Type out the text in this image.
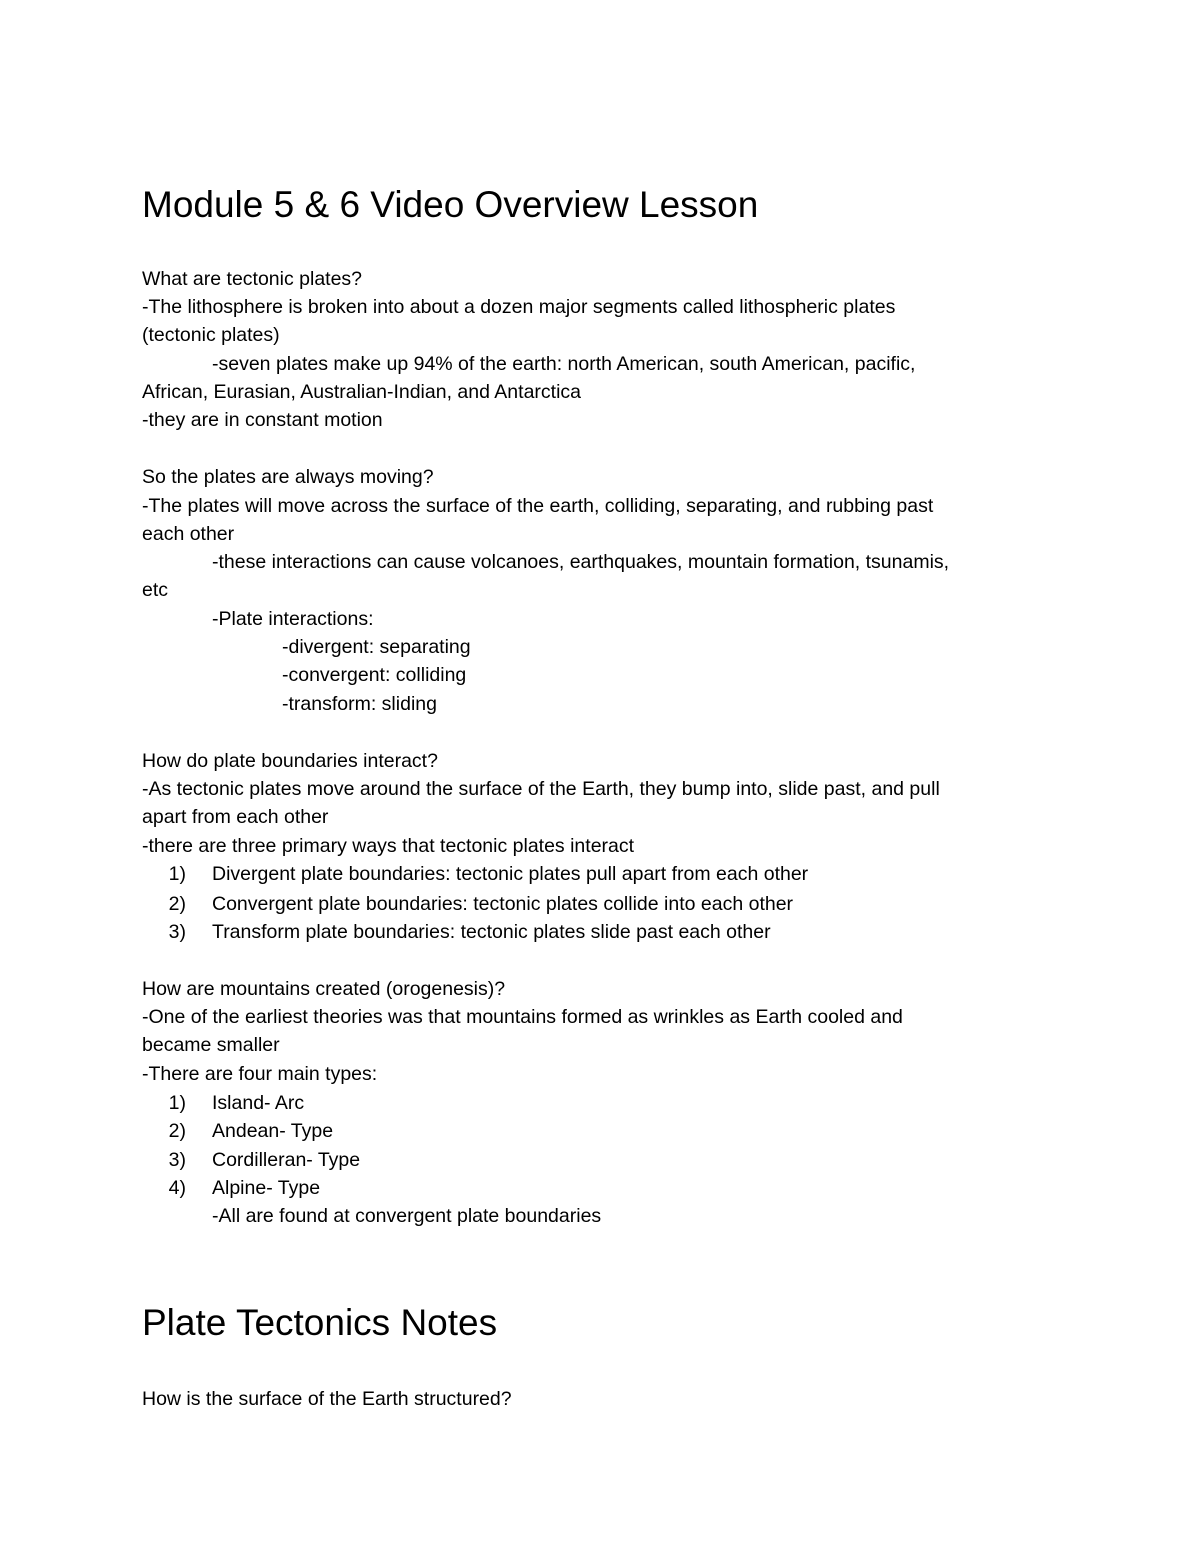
Module 5 & 6 Video Overview Lesson
What are tectonic plates?
-The lithosphere is broken into about a dozen major segments called lithospheric plates
(tectonic plates)
-seven plates make up 94% of the earth: north American, south American, pacific,
African, Eurasian, Australian-Indian, and Antarctica
-they are in constant motion
So the plates are always moving?
-The plates will move across the surface of the earth, colliding, separating, and rubbing past
each other
-these interactions can cause volcanoes, earthquakes, mountain formation, tsunamis,
etc
-Plate interactions:
-divergent: separating
-convergent: colliding
-transform: sliding
How do plate boundaries interact?
-As tectonic plates move around the surface of the Earth, they bump into, slide past, and pull
apart from each other
-there are three primary ways that tectonic plates interact
1) Divergent plate boundaries: tectonic plates pull apart from each other
2) Convergent plate boundaries: tectonic plates collide into each other
3) Transform plate boundaries: tectonic plates slide past each other
How are mountains created (orogenesis)?
-One of the earliest theories was that mountains formed as wrinkles as Earth cooled and
became smaller
-There are four main types:
1) Island- Arc
2) Andean- Type
3) Cordilleran- Type
4) Alpine- Type
-All are found at convergent plate boundaries
Plate Tectonics Notes
How is the surface of the Earth structured?
